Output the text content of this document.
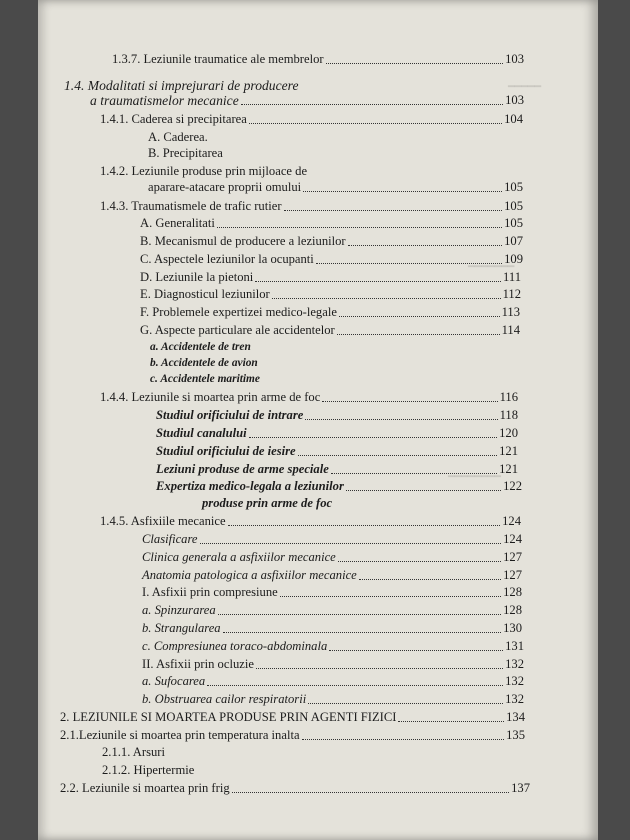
━━━━━
━━━━━━━
━━━━━━━━
1.3.7. Leziunile traumatice ale membrelor	103
1.4. Modalitati si imprejurari de producere
a traumatismelor mecanice	103
1.4.1. Caderea si precipitarea	104
A. Caderea.
B. Precipitarea
1.4.2. Leziunile produse prin mijloace de
aparare-atacare proprii omului	105
1.4.3. Traumatismele de trafic rutier	105
A. Generalitati	105
B. Mecanismul de producere a leziunilor	107
C. Aspectele leziunilor la ocupanti	109
D. Leziunile la pietoni	111
E. Diagnosticul leziunilor	112
F. Problemele expertizei medico-legale	113
G. Aspecte particulare ale accidentelor	114
a. Accidentele de tren
b. Accidentele de avion
c. Accidentele maritime
1.4.4. Leziunile si moartea prin arme de foc	116
Studiul orificiului de intrare	118
Studiul canalului	120
Studiul orificiului de iesire	121
Leziuni produse de arme speciale	121
Expertiza medico-legala a leziunilor	122
produse prin arme de foc
1.4.5. Asfixiile mecanice	124
Clasificare	124
Clinica generala a asfixiilor mecanice	127
Anatomia patologica a asfixiilor mecanice	127
I. Asfixii prin compresiune	128
a. Spinzurarea	128
b. Strangularea	130
c. Compresiunea toraco-abdominala	131
II. Asfixii prin ocluzie	132
a. Sufocarea	132
b. Obstruarea cailor respiratorii	132
2. LEZIUNILE SI MOARTEA PRODUSE PRIN AGENTI FIZICI	134
2.1.Leziunile si moartea prin temperatura inalta	135
2.1.1. Arsuri
2.1.2. Hipertermie
2.2. Leziunile si moartea prin frig	137
